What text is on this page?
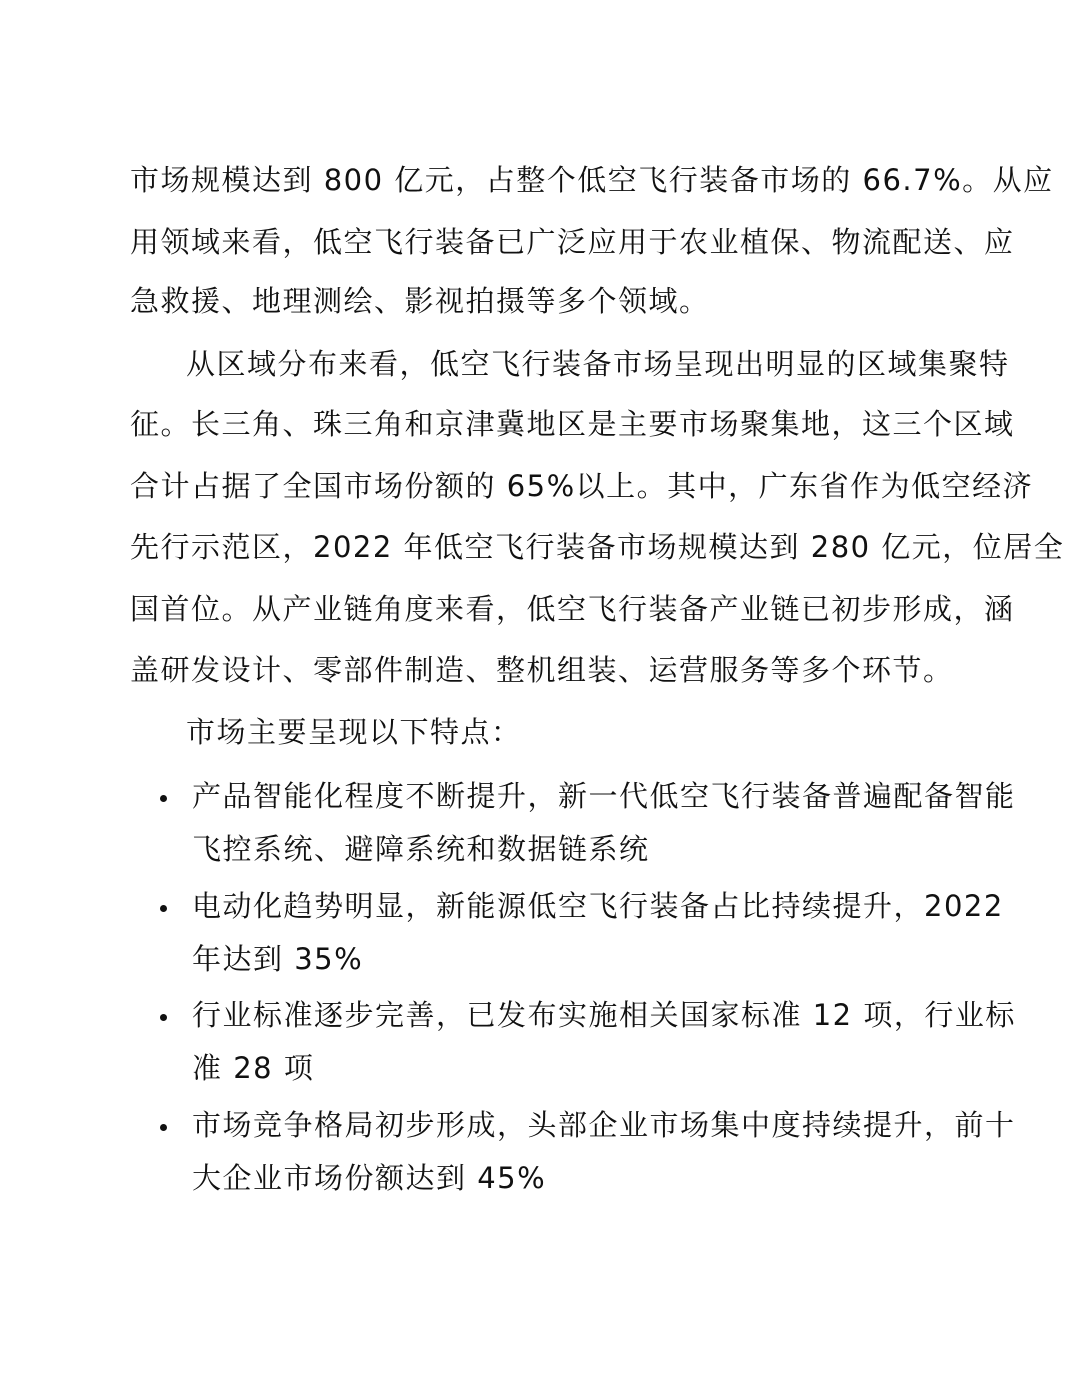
市场规模达到 800 亿元，占整个低空飞行装备市场的 66.7%。从应
用领域来看，低空飞行装备已广泛应用于农业植保、物流配送、应
急救援、地理测绘、影视拍摄等多个领域。
从区域分布来看，低空飞行装备市场呈现出明显的区域集聚特
征。长三角、珠三角和京津冀地区是主要市场聚集地，这三个区域
合计占据了全国市场份额的 65%以上。其中，广东省作为低空经济
先行示范区，2022 年低空飞行装备市场规模达到 280 亿元，位居全
国首位。从产业链角度来看，低空飞行装备产业链已初步形成，涵
盖研发设计、零部件制造、整机组装、运营服务等多个环节。
市场主要呈现以下特点：
产品智能化程度不断提升，新一代低空飞行装备普遍配备智能
飞控系统、避障系统和数据链系统
电动化趋势明显，新能源低空飞行装备占比持续提升，2022
年达到 35%
行业标准逐步完善，已发布实施相关国家标准 12 项，行业标
准 28 项
市场竞争格局初步形成，头部企业市场集中度持续提升，前十
大企业市场份额达到 45%
